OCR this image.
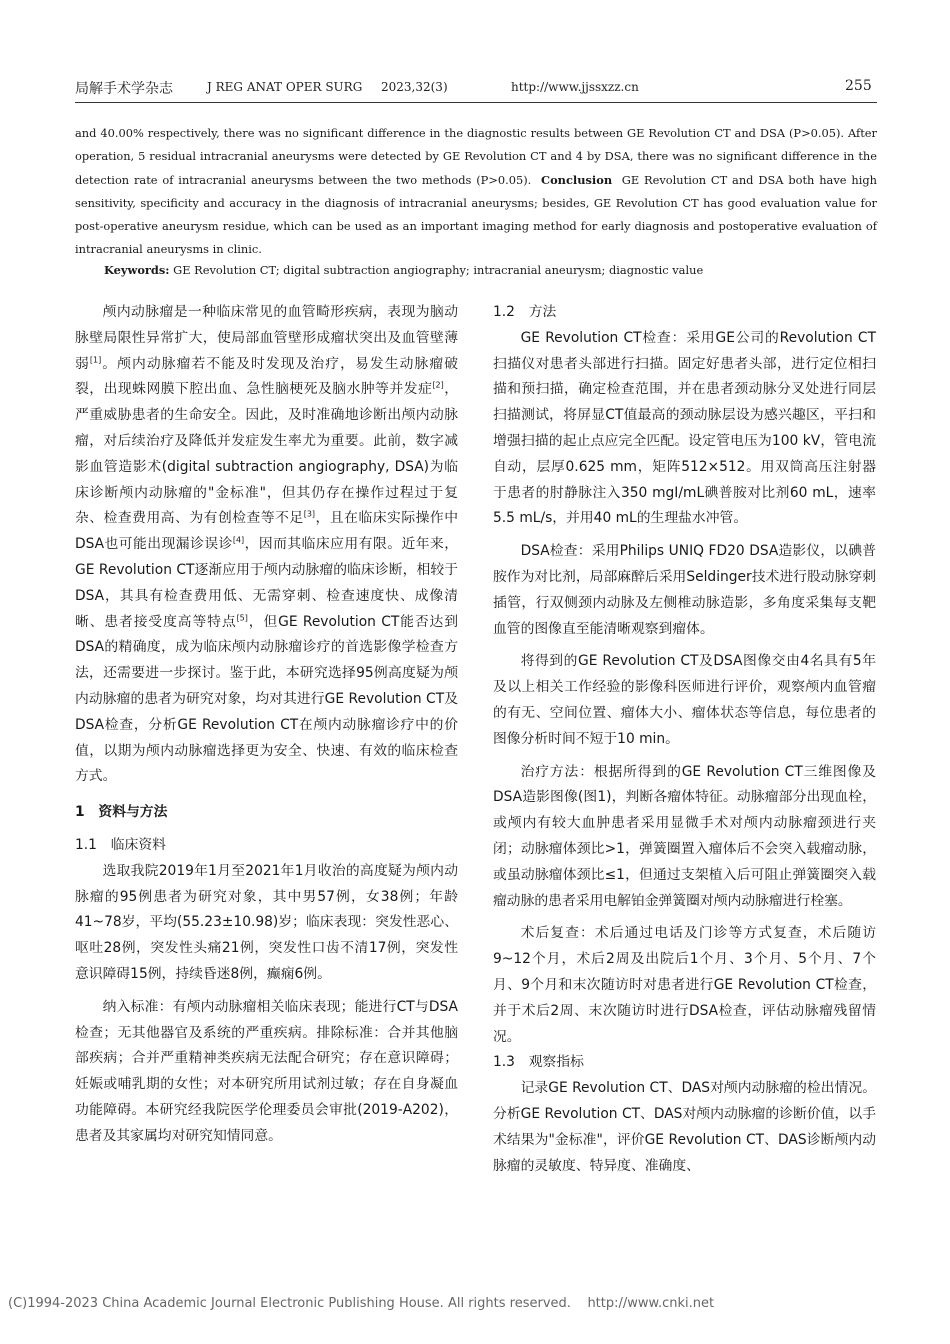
局解手术学杂志	J REG ANAT OPER SURG 2023,32(3)	http://www.jjssxzz.cn	255

and 40.00% respectively, there was no significant difference in the diagnostic results between GE Revolution CT and DSA (P>0.05). After operation, 5 residual intracranial aneurysms were detected by GE Revolution CT and 4 by DSA, there was no significant difference in the detection rate of intracranial aneurysms between the two methods (P>0.05). Conclusion GE Revolution CT and DSA both have high sensitivity, specificity and accuracy in the diagnosis of intracranial aneurysms; besides, GE Revolution CT has good evaluation value for post-operative aneurysm residue, which can be used as an important imaging method for early diagnosis and postoperative evaluation of intracranial aneurysms in clinic.

Keywords: GE Revolution CT; digital subtraction angiography; intracranial aneurysm; diagnostic value

颅内动脉瘤是一种临床常见的血管畸形疾病，表现为脑动脉壁局限性异常扩大，使局部血管壁形成瘤状突出及血管壁薄弱[1]。颅内动脉瘤若不能及时发现及治疗，易发生动脉瘤破裂，出现蛛网膜下腔出血、急性脑梗死及脑水肿等并发症[2]，严重威胁患者的生命安全。因此，及时准确地诊断出颅内动脉瘤，对后续治疗及降低并发症发生率尤为重要。此前，数字减影血管造影术(digital subtraction angiography, DSA)为临床诊断颅内动脉瘤的"金标准"，但其仍存在操作过程过于复杂、检查费用高、为有创检查等不足[3]，且在临床实际操作中DSA也可能出现漏诊误诊[4]，因而其临床应用有限。近年来，GE Revolution CT逐渐应用于颅内动脉瘤的临床诊断，相较于DSA，其具有检查费用低、无需穿刺、检查速度快、成像清晰、患者接受度高等特点[5]，但GE Revolution CT能否达到DSA的精确度，成为临床颅内动脉瘤诊疗的首选影像学检查方法，还需要进一步探讨。鉴于此，本研究选择95例高度疑为颅内动脉瘤的患者为研究对象，均对其进行GE Revolution CT及DSA检查，分析GE Revolution CT在颅内动脉瘤诊疗中的价值，以期为颅内动脉瘤选择更为安全、快速、有效的临床检查方式。

1　资料与方法

1.1　临床资料

选取我院2019年1月至2021年1月收治的高度疑为颅内动脉瘤的95例患者为研究对象，其中男57例，女38例；年龄41~78岁，平均(55.23±10.98)岁；临床表现：突发性恶心、呕吐28例，突发性头痛21例，突发性口齿不清17例，突发性意识障碍15例，持续昏迷8例，癫痫6例。

纳入标准：有颅内动脉瘤相关临床表现；能进行CT与DSA检查；无其他器官及系统的严重疾病。排除标准：合并其他脑部疾病；合并严重精神类疾病无法配合研究；存在意识障碍；妊娠或哺乳期的女性；对本研究所用试剂过敏；存在自身凝血功能障碍。本研究经我院医学伦理委员会审批(2019-A202)，患者及其家属均对研究知情同意。

1.2　方法

GE Revolution CT检查：采用GE公司的Revolution CT扫描仪对患者头部进行扫描。固定好患者头部，进行定位相扫描和预扫描，确定检查范围，并在患者颈动脉分叉处进行同层扫描测试，将屏显CT值最高的颈动脉层设为感兴趣区，平扫和增强扫描的起止点应完全匹配。设定管电压为100 kV，管电流自动，层厚0.625 mm，矩阵512×512。用双筒高压注射器于患者的肘静脉注入350 mgI/mL碘普胺对比剂60 mL，速率5.5 mL/s，并用40 mL的生理盐水冲管。

DSA检查：采用Philips UNIQ FD20 DSA造影仪，以碘普胺作为对比剂，局部麻醉后采用Seldinger技术进行股动脉穿刺插管，行双侧颈内动脉及左侧椎动脉造影，多角度采集每支靶血管的图像直至能清晰观察到瘤体。

将得到的GE Revolution CT及DSA图像交由4名具有5年及以上相关工作经验的影像科医师进行评价，观察颅内血管瘤的有无、空间位置、瘤体大小、瘤体状态等信息，每位患者的图像分析时间不短于10 min。

治疗方法：根据所得到的GE Revolution CT三维图像及DSA造影图像(图1)，判断各瘤体特征。动脉瘤部分出现血栓，或颅内有较大血肿患者采用显微手术对颅内动脉瘤颈进行夹闭；动脉瘤体颈比>1，弹簧圈置入瘤体后不会突入载瘤动脉，或虽动脉瘤体颈比≤1，但通过支架植入后可阻止弹簧圈突入载瘤动脉的患者采用电解铂金弹簧圈对颅内动脉瘤进行栓塞。

术后复查：术后通过电话及门诊等方式复查，术后随访9~12个月，术后2周及出院后1个月、3个月、5个月、7个月、9个月和末次随访时对患者进行GE Revolution CT检查，并于术后2周、末次随访时进行DSA检查，评估动脉瘤残留情况。

1.3　观察指标

记录GE Revolution CT、DAS对颅内动脉瘤的检出情况。分析GE Revolution CT、DAS对颅内动脉瘤的诊断价值，以手术结果为"金标准"，评价GE Revolution CT、DAS诊断颅内动脉瘤的灵敏度、特异度、准确度、

(C)1994-2023 China Academic Journal Electronic Publishing House. All rights reserved. http://www.cnki.net
